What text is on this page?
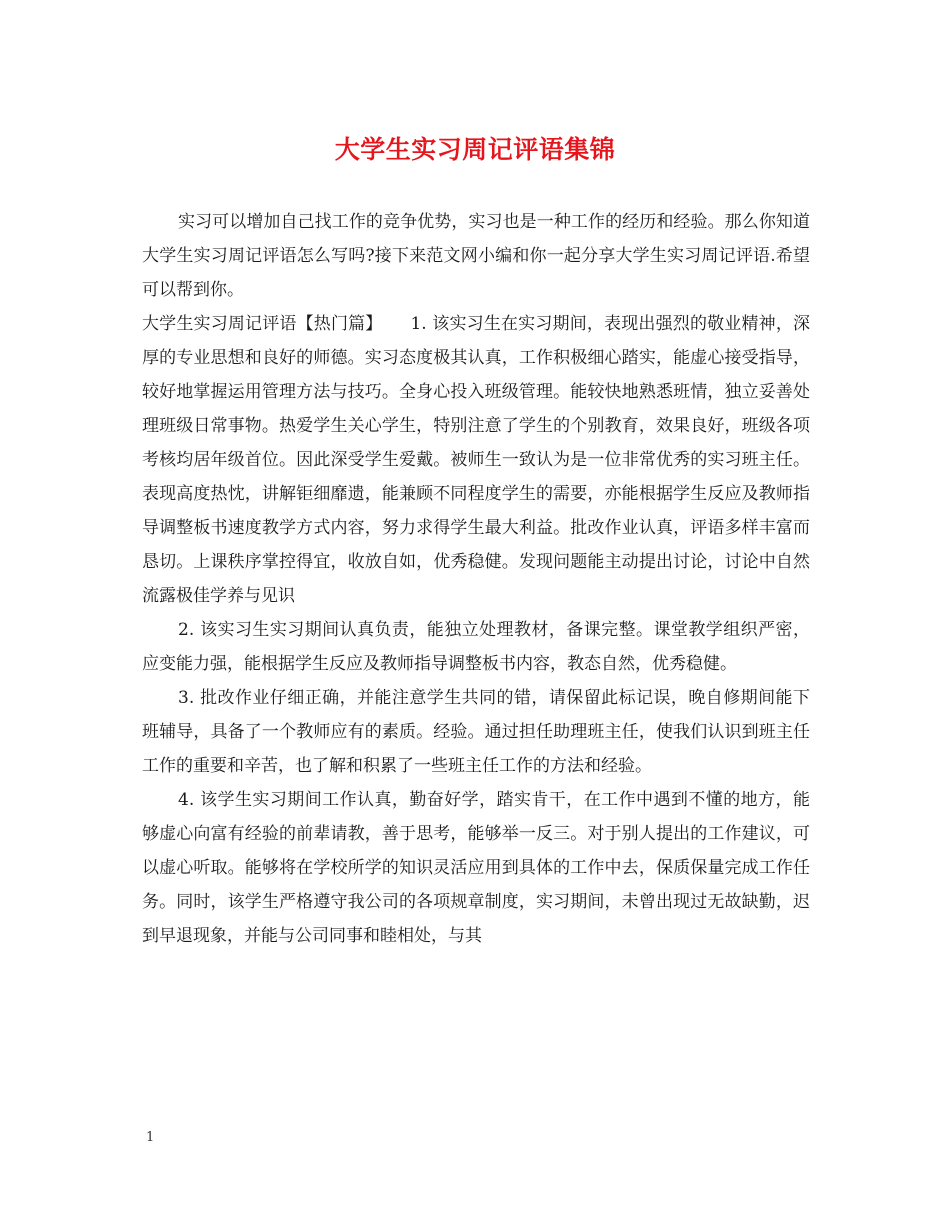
大学生实习周记评语集锦

实习可以增加自己找工作的竞争优势，实习也是一种工作的经历和经验。那么你知道大学生实习周记评语怎么写吗?接下来范文网小编和你一起分享大学生实习周记评语.希望可以帮到你。

大学生实习周记评语【热门篇】 1. 该实习生在实习期间，表现出强烈的敬业精神，深厚的专业思想和良好的师德。实习态度极其认真，工作积极细心踏实，能虚心接受指导，较好地掌握运用管理方法与技巧。全身心投入班级管理。能较快地熟悉班情，独立妥善处理班级日常事物。热爱学生关心学生，特别注意了学生的个别教育，效果良好，班级各项考核均居年级首位。因此深受学生爱戴。被师生一致认为是一位非常优秀的实习班主任。表现高度热忱，讲解钜细靡遗，能兼顾不同程度学生的需要，亦能根据学生反应及教师指导调整板书速度教学方式内容，努力求得学生最大利益。批改作业认真，评语多样丰富而恳切。上课秩序掌控得宜，收放自如，优秀稳健。发现问题能主动提出讨论，讨论中自然流露极佳学养与见识

2. 该实习生实习期间认真负责，能独立处理教材，备课完整。课堂教学组织严密，应变能力强，能根据学生反应及教师指导调整板书内容，教态自然，优秀稳健。

3. 批改作业仔细正确，并能注意学生共同的错，请保留此标记误，晚自修期间能下班辅导，具备了一个教师应有的素质。经验。通过担任助理班主任，使我们认识到班主任工作的重要和辛苦，也了解和积累了一些班主任工作的方法和经验。

4. 该学生实习期间工作认真，勤奋好学，踏实肯干，在工作中遇到不懂的地方，能够虚心向富有经验的前辈请教，善于思考，能够举一反三。对于别人提出的工作建议，可以虚心听取。能够将在学校所学的知识灵活应用到具体的工作中去，保质保量完成工作任务。同时，该学生严格遵守我公司的各项规章制度，实习期间，未曾出现过无故缺勤，迟到早退现象，并能与公司同事和睦相处，与其

1
